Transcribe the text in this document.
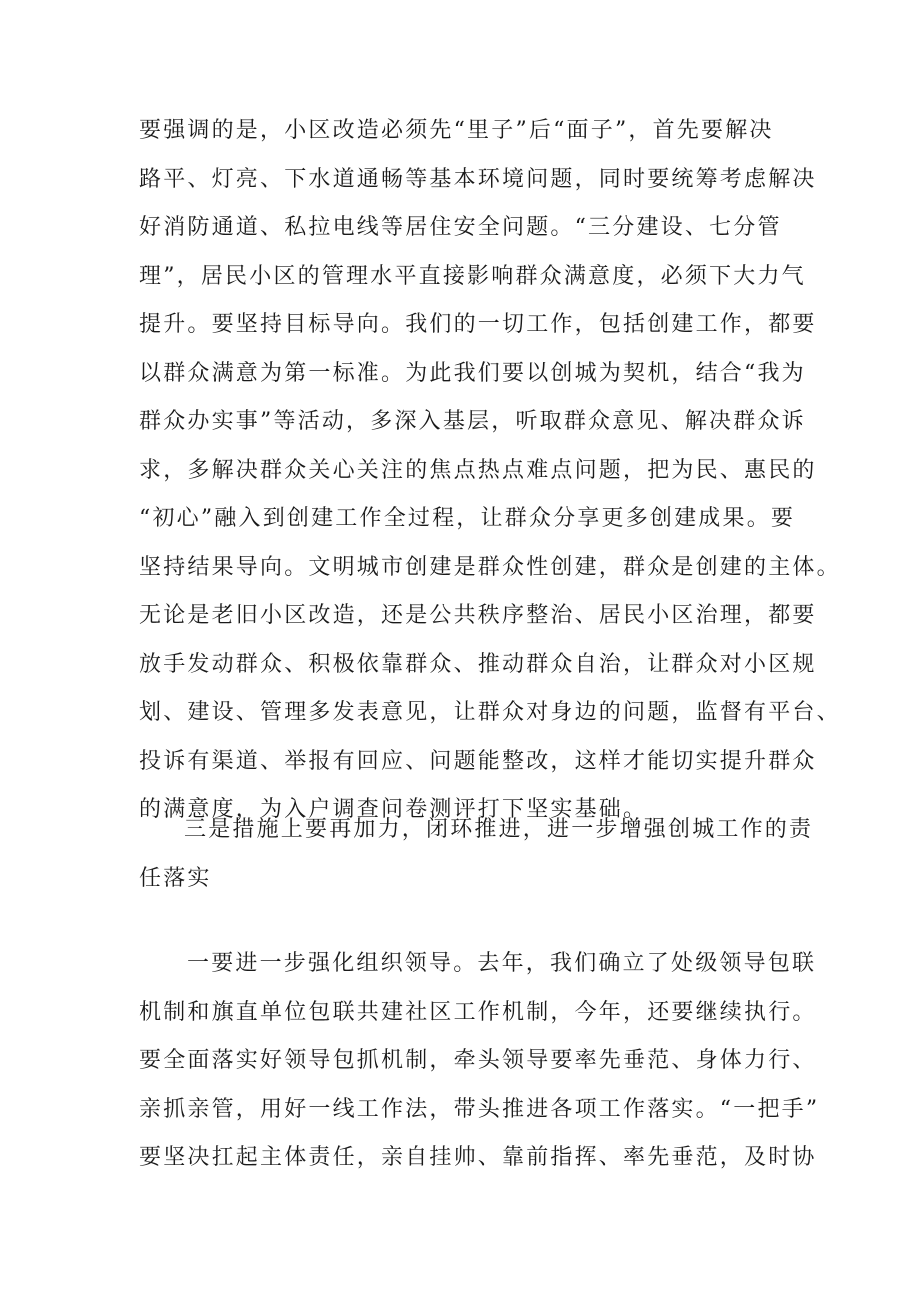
要强调的是，小区改造必须先“里子”后“面子”，首先要解决
路平、灯亮、下水道通畅等基本环境问题，同时要统筹考虑解决
好消防通道、私拉电线等居住安全问题。“三分建设、七分管
理”，居民小区的管理水平直接影响群众满意度，必须下大力气
提升。要坚持目标导向。我们的一切工作，包括创建工作，都要
以群众满意为第一标准。为此我们要以创城为契机，结合“我为
群众办实事”等活动，多深入基层，听取群众意见、解决群众诉
求，多解决群众关心关注的焦点热点难点问题，把为民、惠民的
“初心”融入到创建工作全过程，让群众分享更多创建成果。要
坚持结果导向。文明城市创建是群众性创建，群众是创建的主体。
无论是老旧小区改造，还是公共秩序整治、居民小区治理，都要
放手发动群众、积极依靠群众、推动群众自治，让群众对小区规
划、建设、管理多发表意见，让群众对身边的问题，监督有平台、
投诉有渠道、举报有回应、问题能整改，这样才能切实提升群众
的满意度，为入户调查问卷测评打下坚实基础。
三是措施上要再加力，闭环推进，进一步增强创城工作的责
任落实
一要进一步强化组织领导。去年，我们确立了处级领导包联
机制和旗直单位包联共建社区工作机制，今年，还要继续执行。
要全面落实好领导包抓机制，牵头领导要率先垂范、身体力行、
亲抓亲管，用好一线工作法，带头推进各项工作落实。“一把手”
要坚决扛起主体责任，亲自挂帅、靠前指挥、率先垂范，及时协
